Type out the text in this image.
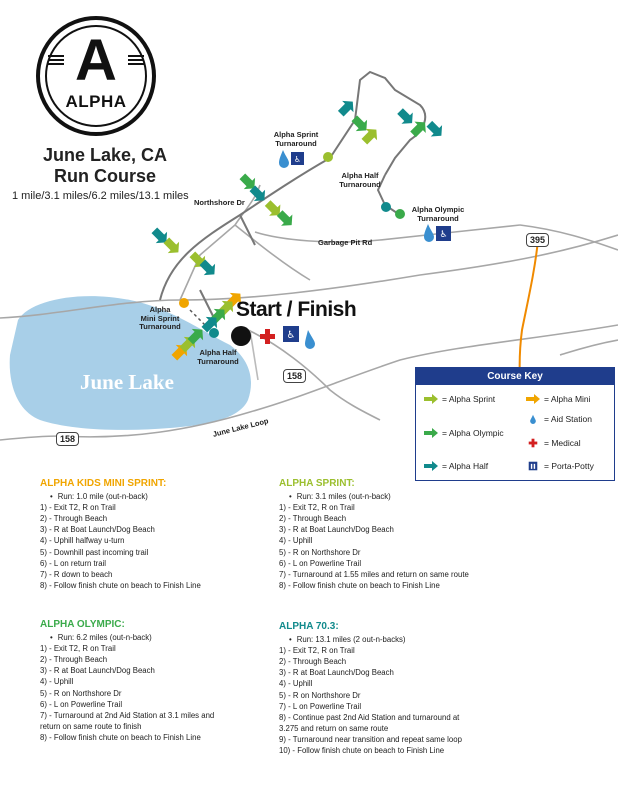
♿
♿
♿
A
ALPHA
June Lake, CA
Run Course
1 mile/3.1 miles/6.2 miles/13.1 miles
Alpha Sprint
Turnaround
Alpha Half
Turnaround
Alpha Olympic
Turnaround
Alpha
Mini Sprint
Turnaround
Alpha Half
Turnaround
Northshore Dr
Garbage Pit Rd
June Lake Loop
Start / Finish
June Lake
395
158
158
Course Key
= Alpha Sprint	= Alpha Mini
= Aid Station
= Alpha Olympic
= Medical
= Alpha Half	= Porta-Potty
ALPHA KIDS MINI SPRINT:
• Run: 1.0 mile (out-n-back)
1) - Exit T2, R on Trail
2) - Through Beach
3) - R at Boat Launch/Dog Beach
4) - Uphill halfway u-turn
5) - Downhill past incoming trail
6) - L on return trail
7) - R down to beach
8) - Follow finish chute on beach to Finish Line
ALPHA SPRINT:
• Run: 3.1 miles (out-n-back)
1) - Exit T2, R on Trail
2) - Through Beach
3) - R at Boat Launch/Dog Beach
4) - Uphill
5) - R on Northshore Dr
6) - L on Powerline Trail
7) - Turnaround at 1.55 miles and return on same route
8) - Follow finish chute on beach to Finish Line
ALPHA OLYMPIC:
• Run: 6.2 miles (out-n-back)
1) - Exit T2, R on Trail
2) - Through Beach
3) - R at Boat Launch/Dog Beach
4) - Uphill
5) - R on Northshore Dr
6) - L on Powerline Trail
7) - Turnaround at 2nd Aid Station at 3.1 miles and
return on same route to finish
8) - Follow finish chute on beach to Finish Line
ALPHA 70.3:
• Run: 13.1 miles (2 out-n-backs)
1) - Exit T2, R on Trail
2) - Through Beach
3) - R at Boat Launch/Dog Beach
4) - Uphill
5) - R on Northshore Dr
7) - L on Powerline Trail
8) - Continue past 2nd Aid Station and turnaround at
3.275 and return on same route
9) - Turnaround near transition and repeat same loop
10) - Follow finish chute on beach to Finish Line
